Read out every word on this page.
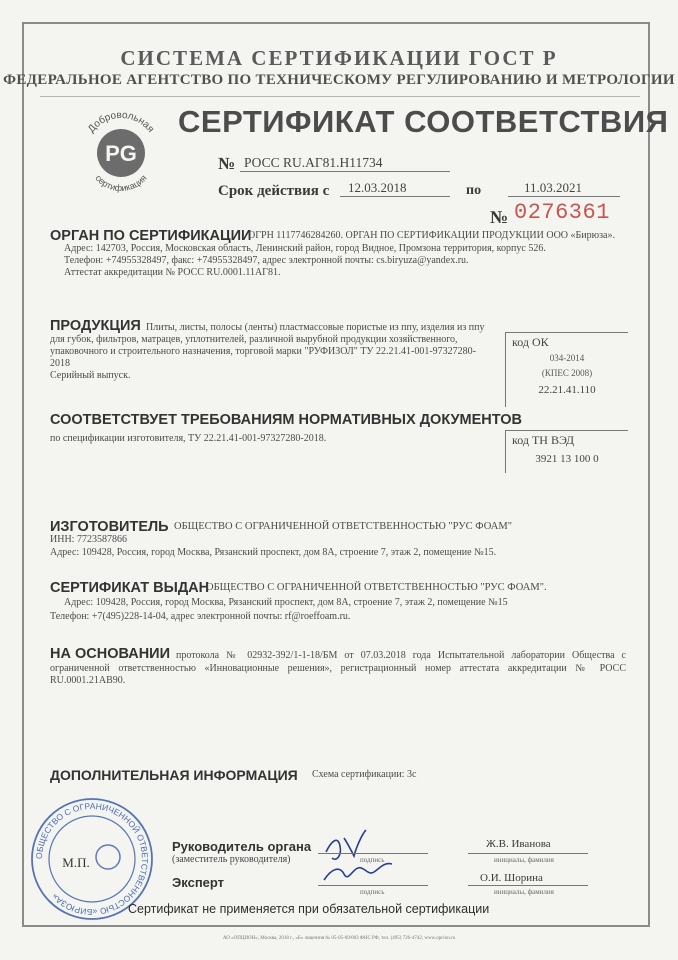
СИСТЕМА СЕРТИФИКАЦИИ ГОСТ Р
ФЕДЕРАЛЬНОЕ АГЕНТСТВО ПО ТЕХНИЧЕСКОМУ РЕГУЛИРОВАНИЮ И МЕТРОЛОГИИ
PG
Добровольная
сертификация
СЕРТИФИКАТ СООТВЕТСТВИЯ
№ РОСС RU.АГ81.Н11734
Срок действия с 12.03.2018	по	11.03.2021
№ 0276361
ОРГАН ПО СЕРТИФИКАЦИИ
ОГРН 1117746284260. ОРГАН ПО СЕРТИФИКАЦИИ ПРОДУКЦИИ ООО «Бирюза».
Адрес: 142703, Россия, Московская область, Ленинский район, город Видное, Промзона территория, корпус 526.
Телефон: +74955328497, факс: +74955328497, адрес электронной почты: cs.biryuza@yandex.ru.
Аттестат аккредитации № РОСС RU.0001.11АГ81.
ПРОДУКЦИЯ Плиты, листы, полосы (ленты) пластмассовые пористые из ппу, изделия из ппу для губок, фильтров, матрацев, уплотнителей, различной вырубной продукции хозяйственного, упаковочного и строительного назначения, торговой марки "РУФИЗОЛ" ТУ 22.21.41-001-97327280-2018
Серийный выпуск.
код ОК
034-2014
(КПЕС 2008)
22.21.41.110
СООТВЕТСТВУЕТ ТРЕБОВАНИЯМ НОРМАТИВНЫХ ДОКУМЕНТОВ
по спецификации изготовителя, ТУ 22.21.41-001-97327280-2018.	код ТН ВЭД
3921 13 100 0
ИЗГОТОВИТЕЛЬ ОБЩЕСТВО С ОГРАНИЧЕННОЙ ОТВЕТСТВЕННОСТЬЮ "РУС ФОАМ"
ИНН: 7723587866
Адрес: 109428, Россия, город Москва, Рязанский проспект, дом 8А, строение 7, этаж 2, помещение №15.
СЕРТИФИКАТ ВЫДАН
ОБЩЕСТВО С ОГРАНИЧЕННОЙ ОТВЕТСТВЕННОСТЬЮ "РУС ФОАМ".
Адрес: 109428, Россия, город Москва, Рязанский проспект, дом 8А, строение 7, этаж 2, помещение №15
Телефон: +7(495)228-14-04, адрес электронной почты: rf@roeffoam.ru.
НА ОСНОВАНИИ протокола № 02932-392/1-1-18/БМ от 07.03.2018 года Испытательной лаборатории Общества с ограниченной ответственностью «Инновационные решения», регистрационный номер аттестата аккредитации № РОСС RU.0001.21AB90.
ДОПОЛНИТЕЛЬНАЯ ИНФОРМАЦИЯ Схема сертификации: 3с
ОБЩЕСТВО С ОГРАНИЧЕННОЙ ОТВЕТСТВЕННОСТЬЮ «БИРЮЗА»
М.П.
Руководитель органа
(заместитель руководителя)
Эксперт
подпись
Ж.В. Иванова
инициалы, фамилия
подпись
О.И. Шорина
инициалы, фамилия
Сертификат не применяется при обязательной сертификации
АО «ОПЦИОН», Москва, 2018 г., «Б» лицензия № 05-05-09/003 ФНС РФ, тел. (495) 726-4742, www.opcion.ru
